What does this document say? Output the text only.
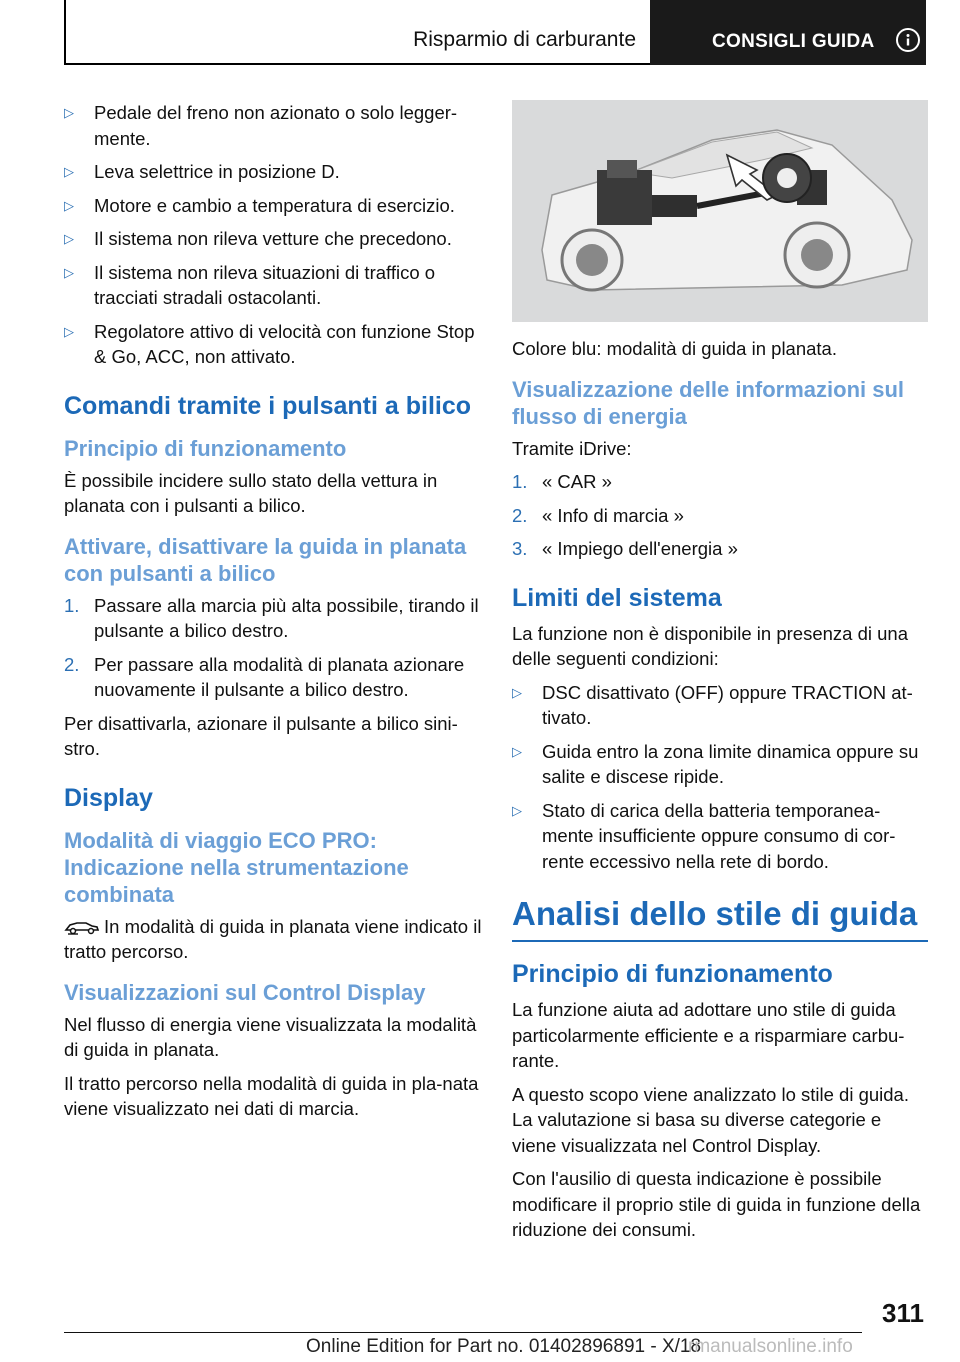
Risparmio di carburante	CONSIGLI GUIDA
▷ Pedale del freno non azionato o solo legger-mente.
▷ Leva selettrice in posizione D.
▷ Motore e cambio a temperatura di esercizio.
▷ Il sistema non rileva vetture che precedono.
▷ Il sistema non rileva situazioni di traffico o tracciati stradali ostacolanti.
▷ Regolatore attivo di velocità con funzione Stop & Go, ACC, non attivato.
Comandi tramite i pulsanti a bilico
Principio di funzionamento

È possibile incidere sullo stato della vettura in planata con i pulsanti a bilico.

Attivare, disattivare la guida in planata con pulsanti a bilico
1. Passare alla marcia più alta possibile, tirando il pulsante a bilico destro.
2. Per passare alla modalità di planata azionare nuovamente il pulsante a bilico destro.

Per disattivarla, azionare il pulsante a bilico sini-stro.

Display
Modalità di viaggio ECO PRO: Indicazione nella strumentazione combinata

In modalità di guida in planata viene indicato il tratto percorso.

Visualizzazioni sul Control Display

Nel flusso di energia viene visualizzata la modalità di guida in planata.

Il tratto percorso nella modalità di guida in pla-nata viene visualizzato nei dati di marcia.

Colore blu: modalità di guida in planata.

Visualizzazione delle informazioni sul flusso di energia

Tramite iDrive:

1. « CAR »
2. « Info di marcia »
3. « Impiego dell'energia »
Limiti del sistema

La funzione non è disponibile in presenza di una delle seguenti condizioni:

▷ DSC disattivato (OFF) oppure TRACTION at-tivato.
▷ Guida entro la zona limite dinamica oppure su salite e discese ripide.
▷ Stato di carica della batteria temporanea-mente insufficiente oppure consumo di cor-rente eccessivo nella rete di bordo.
Analisi dello stile di guida
Principio di funzionamento

La funzione aiuta ad adottare uno stile di guida particolarmente efficiente e a risparmiare carbu-rante.

A questo scopo viene analizzato lo stile di guida. La valutazione si basa su diverse categorie e viene visualizzata nel Control Display.

Con l'ausilio di questa indicazione è possibile modificare il proprio stile di guida in funzione della riduzione dei consumi.

311
Online Edition for Part no. 01402896891 - X/18
rmanualsonline.info
